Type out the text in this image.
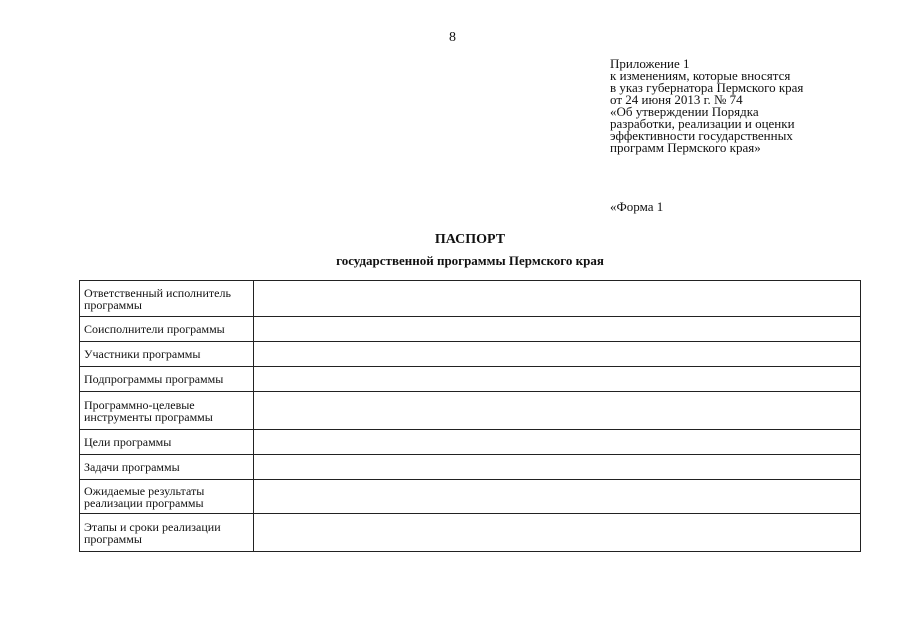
8
Приложение 1
к изменениям, которые вносятся
в указ губернатора Пермского края
от 24 июня 2013 г. № 74
«Об утверждении Порядка
разработки, реализации и оценки
эффективности государственных
программ Пермского края»
«Форма 1
ПАСПОРТ
государственной программы Пермского края
Ответственный исполнитель программы	
Соисполнители программы	
Участники программы	
Подпрограммы программы	
Программно-целевые инструменты программы	
Цели программы	
Задачи программы	
Ожидаемые результаты реализации программы	
Этапы и сроки реализации программы	
